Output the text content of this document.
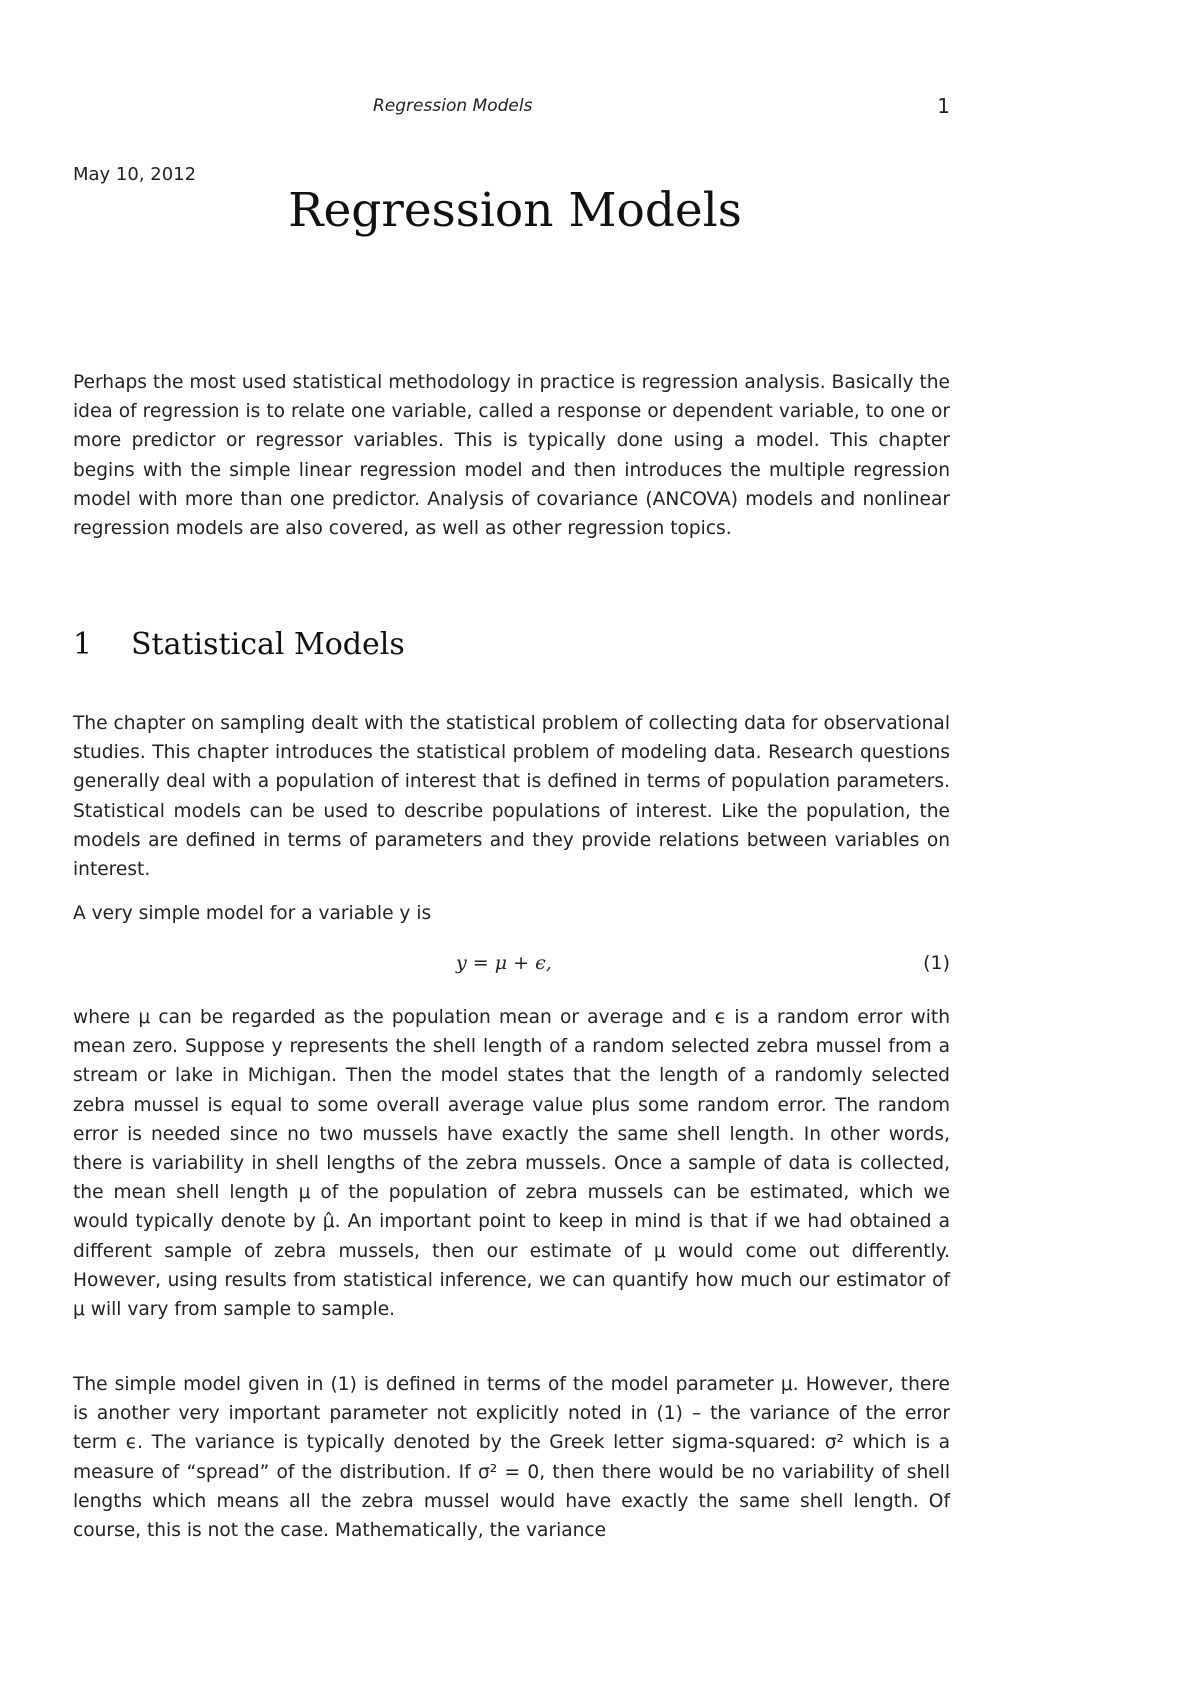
Regression Models	1
May 10, 2012
Regression Models

Perhaps the most used statistical methodology in practice is regression analysis. Basically the idea of regression is to relate one variable, called a response or dependent variable, to one or more predictor or regressor variables. This is typically done using a model. This chapter begins with the simple linear regression model and then introduces the multiple regression model with more than one predictor. Analysis of covariance (ANCOVA) models and nonlinear regression models are also covered, as well as other regression topics.

1 Statistical Models

The chapter on sampling dealt with the statistical problem of collecting data for observational studies. This chapter introduces the statistical problem of modeling data. Research questions generally deal with a population of interest that is defined in terms of population parameters. Statistical models can be used to describe populations of interest. Like the population, the models are defined in terms of parameters and they provide relations between variables on interest.

A very simple model for a variable y is

y = μ + ϵ,	(1)

where μ can be regarded as the population mean or average and ϵ is a random error with mean zero. Suppose y represents the shell length of a random selected zebra mussel from a stream or lake in Michigan. Then the model states that the length of a randomly selected zebra mussel is equal to some overall average value plus some random error. The random error is needed since no two mussels have exactly the same shell length. In other words, there is variability in shell lengths of the zebra mussels. Once a sample of data is collected, the mean shell length μ of the population of zebra mussels can be estimated, which we would typically denote by μ̂. An important point to keep in mind is that if we had obtained a different sample of zebra mussels, then our estimate of μ would come out differently. However, using results from statistical inference, we can quantify how much our estimator of μ will vary from sample to sample.

The simple model given in (1) is defined in terms of the model parameter μ. However, there is another very important parameter not explicitly noted in (1) – the variance of the error term ϵ. The variance is typically denoted by the Greek letter sigma-squared: σ² which is a measure of “spread” of the distribution. If σ² = 0, then there would be no variability of shell lengths which means all the zebra mussel would have exactly the same shell length. Of course, this is not the case. Mathematically, the variance
